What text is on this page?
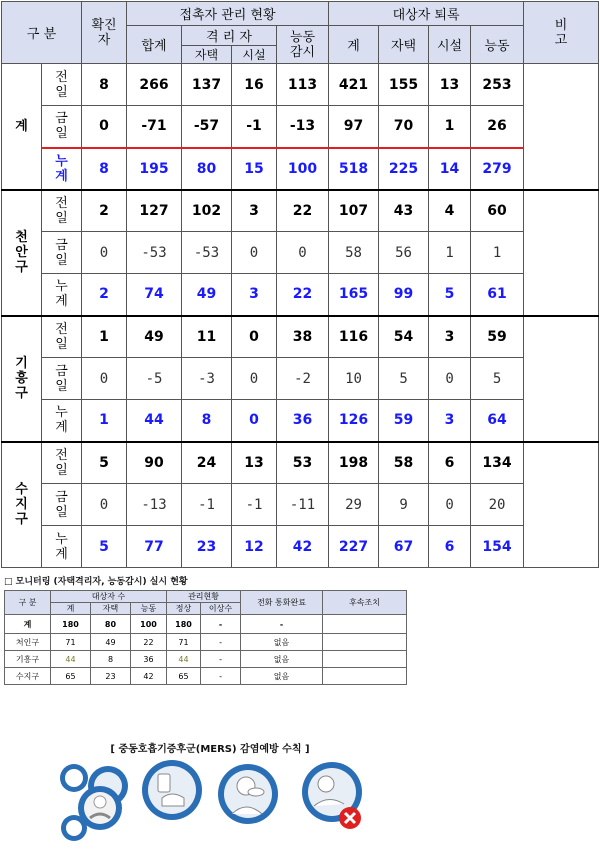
구 분		확진자	접촉자 관리 현황				대상자 퇴록				비고
			합계	격 리 자		능동감시	계	자택	시설	능동	
				자택	시설						
계	전일	8	266	137	16	113	421	155	13	253	
	금일	0	-71	-57	-1	-13	97	70	1	26	
	누계	8	195	80	15	100	518	225	14	279	
천안구	전일	2	127	102	3	22	107	43	4	60	
	금일	0	-53	-53	0	0	58	56	1	1	
	누계	2	74	49	3	22	165	99	5	61	
기흥구	전일	1	49	11	0	38	116	54	3	59	
	금일	0	-5	-3	0	-2	10	5	0	5	
	누계	1	44	8	0	36	126	59	3	64	
수지구	전일	5	90	24	13	53	198	58	6	134	
	금일	0	-13	-1	-1	-11	29	9	0	20	
	누계	5	77	23	12	42	227	67	6	154	
□ 모니터링 (자택격리자, 능동감시) 실시 현황
구 분	대상자 수			관리현황		전화 통화완료	후속조치
	계	자택	능동	정상	이상수		
계	180	80	100	180	-	-	
처인구	71	49	22	71	-	없음	
기흥구	44	8	36	44	-	없음	
수지구	65	23	42	65	-	없음	
[ 중동호흡기증후군(MERS) 감염예방 수칙 ]
